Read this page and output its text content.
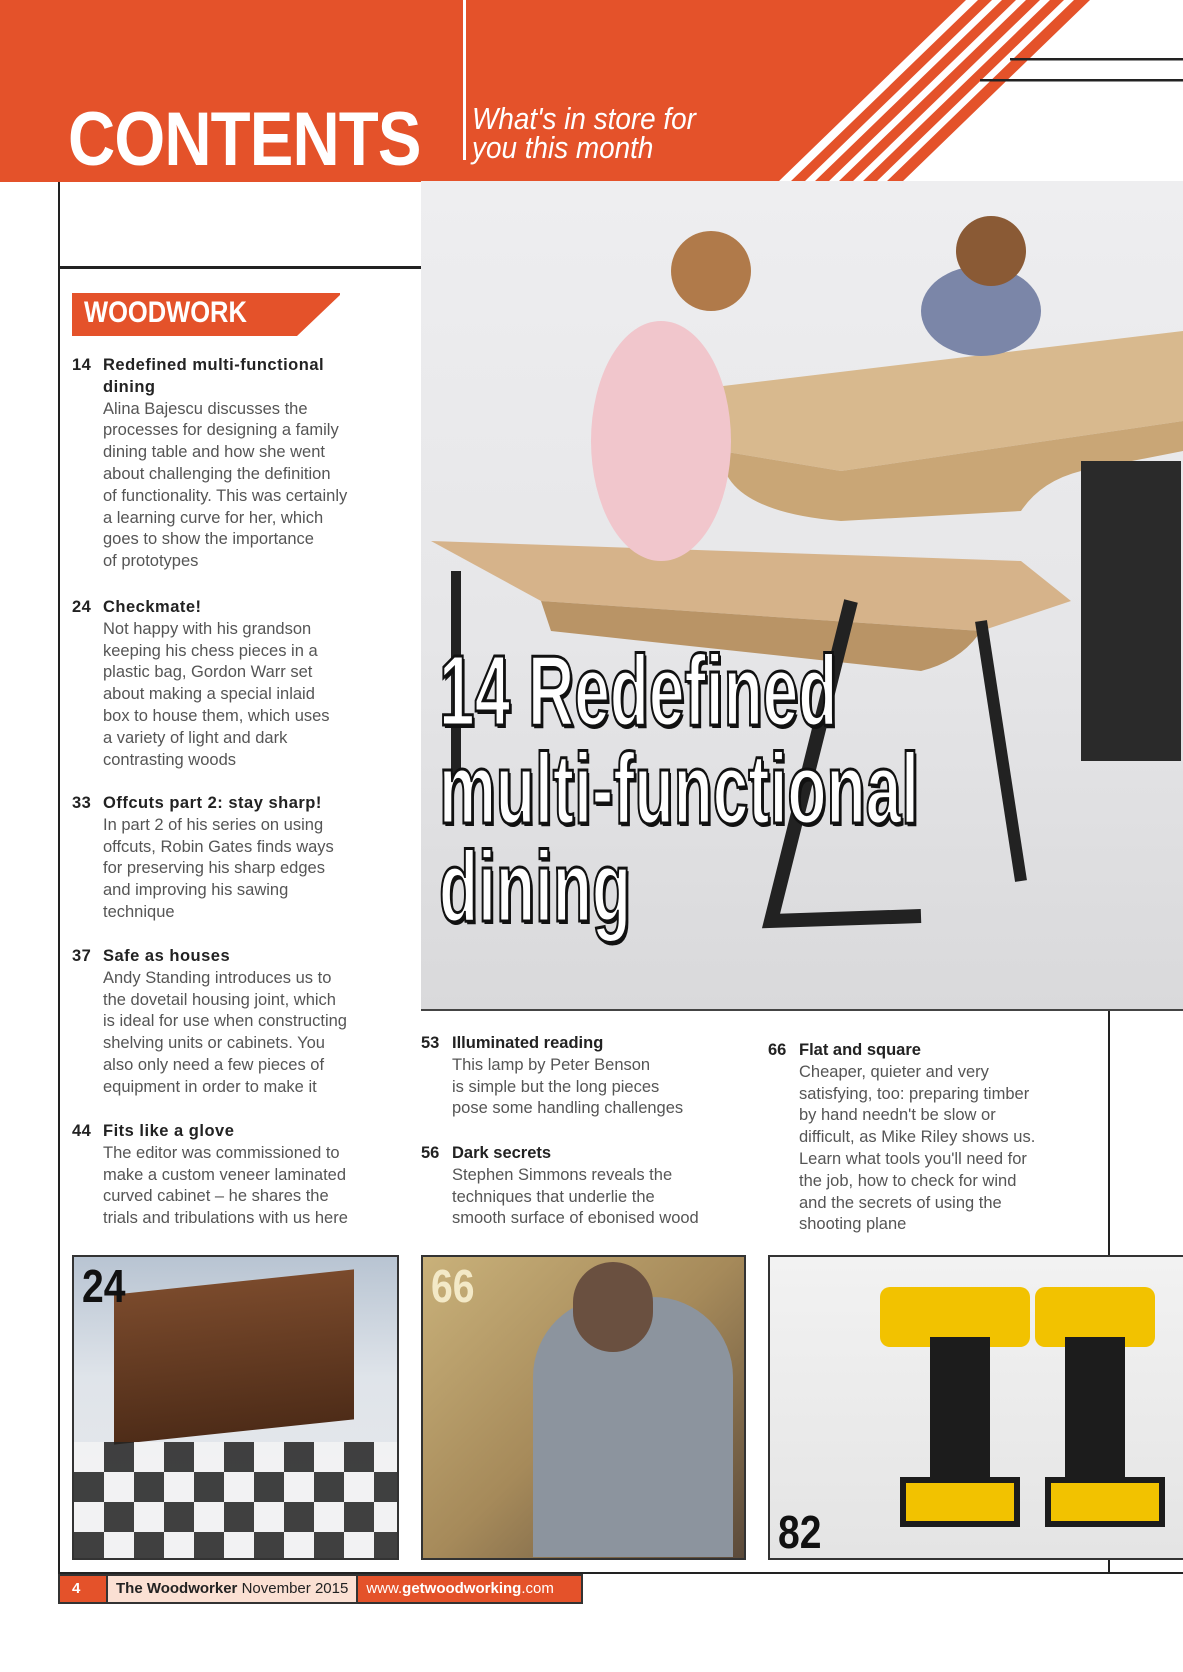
CONTENTS What's in store for
you this month
WOODWORK
14 Redefined multi-functional
dining
Alina Bajescu discusses the
processes for designing a family
dining table and how she went
about challenging the definition
of functionality. This was certainly
a learning curve for her, which
goes to show the importance
of prototypes
24 Checkmate!
Not happy with his grandson
keeping his chess pieces in a
plastic bag, Gordon Warr set
about making a special inlaid
box to house them, which uses
a variety of light and dark
contrasting woods
33 Offcuts part 2: stay sharp!
In part 2 of his series on using
offcuts, Robin Gates finds ways
for preserving his sharp edges
and improving his sawing
technique
37 Safe as houses
Andy Standing introduces us to
the dovetail housing joint, which
is ideal for use when constructing
shelving units or cabinets. You
also only need a few pieces of
equipment in order to make it
44 Fits like a glove
The editor was commissioned to
make a custom veneer laminated
curved cabinet – he shares the
trials and tribulations with us here
14 Redefined
multi-functional
dining
53 Illuminated reading
This lamp by Peter Benson
is simple but the long pieces
pose some handling challenges
56 Dark secrets
Stephen Simmons reveals the
techniques that underlie the
smooth surface of ebonised wood
66 Flat and square
Cheaper, quieter and very
satisfying, too: preparing timber
by hand needn't be slow or
difficult, as Mike Riley shows us.
Learn what tools you'll need for
the job, how to check for wind
and the secrets of using the
shooting plane
24	66
82
4	The Woodworker November 2015	www.getwoodworking.com
